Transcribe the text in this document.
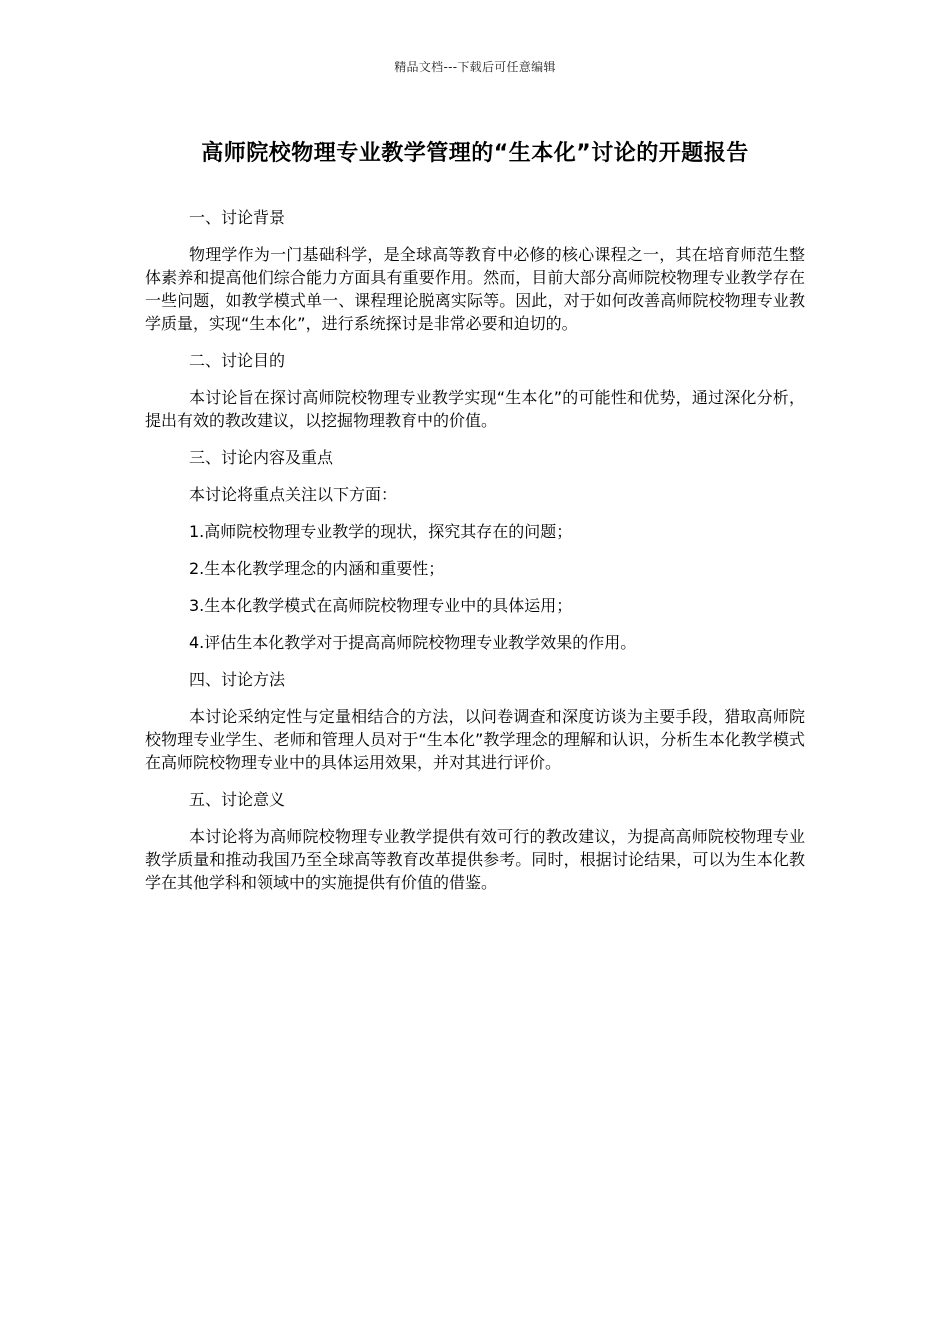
精品文档---下载后可任意编辑
高师院校物理专业教学管理的“生本化”讨论的开题报告

一、讨论背景

物理学作为一门基础科学，是全球高等教育中必修的核心课程之一，其在培育师范生整体素养和提高他们综合能力方面具有重要作用。然而，目前大部分高师院校物理专业教学存在一些问题，如教学模式单一、课程理论脱离实际等。因此，对于如何改善高师院校物理专业教学质量，实现“生本化”，进行系统探讨是非常必要和迫切的。

二、讨论目的

本讨论旨在探讨高师院校物理专业教学实现“生本化”的可能性和优势，通过深化分析，提出有效的教改建议，以挖掘物理教育中的价值。

三、讨论内容及重点

本讨论将重点关注以下方面：

1.高师院校物理专业教学的现状，探究其存在的问题；

2.生本化教学理念的内涵和重要性；

3.生本化教学模式在高师院校物理专业中的具体运用；

4.评估生本化教学对于提高高师院校物理专业教学效果的作用。

四、讨论方法

本讨论采纳定性与定量相结合的方法，以问卷调查和深度访谈为主要手段，猎取高师院校物理专业学生、老师和管理人员对于“生本化”教学理念的理解和认识，分析生本化教学模式在高师院校物理专业中的具体运用效果，并对其进行评价。

五、讨论意义

本讨论将为高师院校物理专业教学提供有效可行的教改建议，为提高高师院校物理专业教学质量和推动我国乃至全球高等教育改革提供参考。同时，根据讨论结果，可以为生本化教学在其他学科和领域中的实施提供有价值的借鉴。
